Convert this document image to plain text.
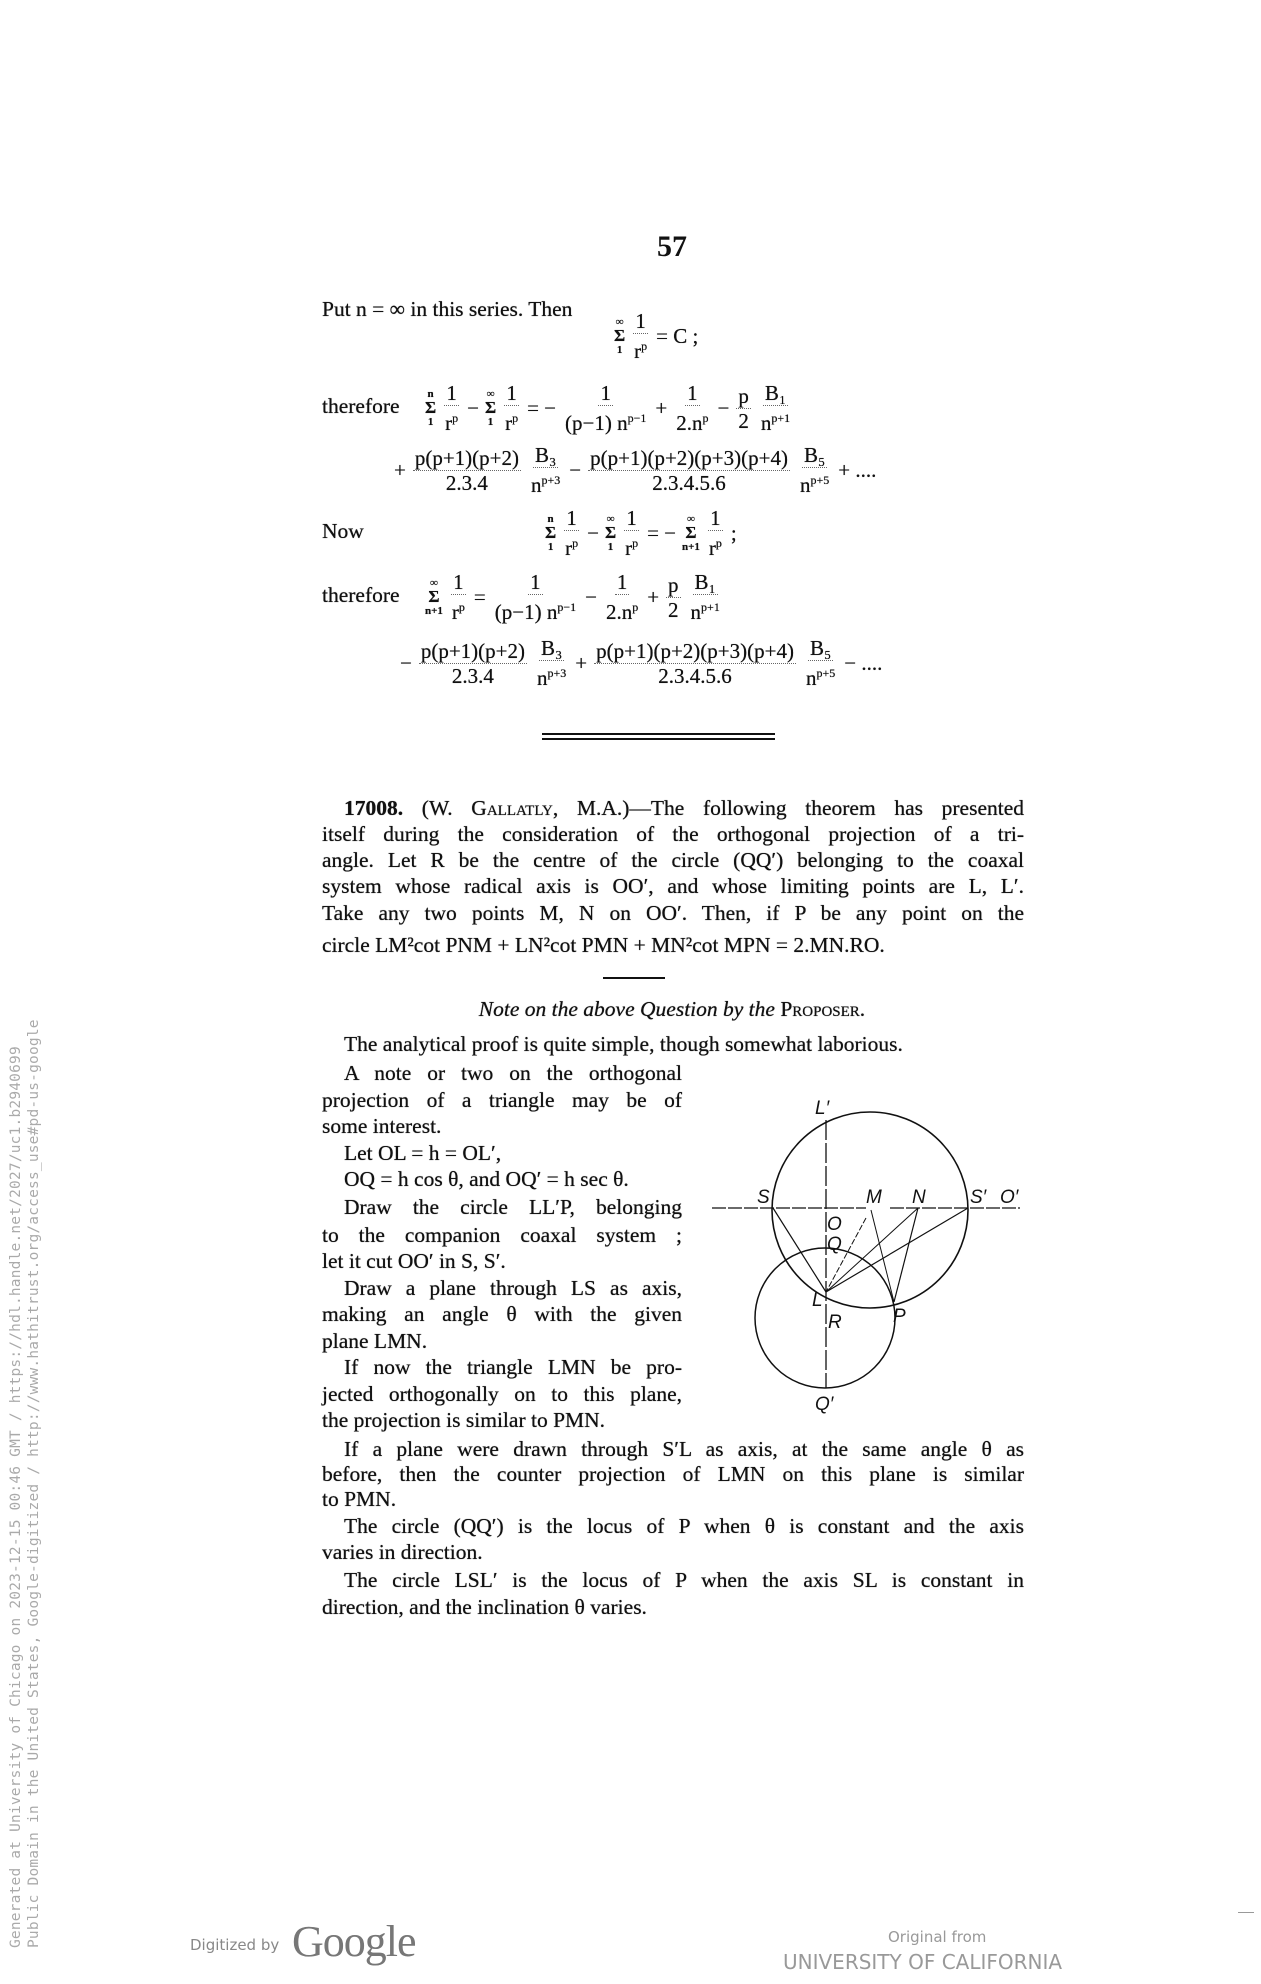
57
Put n = ∞ in this series. Then
∞
Σ
$1 \frac{1}{r^p} = C$ ;
therefore	n
Σ
$1 \frac{1}{r^p}$ −
∞
Σ
$1 \frac{1}{r^p}$ = − $\frac{1}{(p-1) n^{p-1}} + \frac{1}{2.n^p} - \frac{p}{2} \frac{\text{B₁}}{n^{p+1}}$
+ $\frac{p(p+1)(p+2)}{2.3.4} \frac{\text{B₃}}{n^{p+3}} - \frac{p(p+1)(p+2)(p+3)(p+4)}{2.3.4.5.6} \frac{\text{B₅}}{n^{p+5}}$ + ....
Now	n
Σ
$1 \frac{1}{r^p}$ −
∞
Σ
$1 \frac{1}{r^p}$ = −
∞
Σ
$n+1 \frac{1}{r^p}$ ;
therefore	∞
Σ
$n+1 \frac{1}{r^p} = \frac{1}{(p-1) n^{p-1}} - \frac{1}{2.n^p} + \frac{p}{2} \frac{\text{B₁}}{n^{p+1}}$
− $\frac{p(p+1)(p+2)}{2.3.4} \frac{\text{B₃}}{n^{p+3}} + \frac{p(p+1)(p+2)(p+3)(p+4)}{2.3.4.5.6} \frac{\text{B₅}}{n^{p+5}}$ − ....
17008. (W. Gallatly, M.A.)—The following theorem has presented
itself during the consideration of the orthogonal projection of a tri-
angle. Let R be the centre of the circle (QQ′) belonging to the coaxal
system whose radical axis is OO′, and whose limiting points are L, L′.
Take any two points M, N on OO′. Then, if P be any point on the
circle LM²cot PNM + LN²cot PMN + MN²cot MPN = 2.MN.RO.
Note on the above Question by the Proposer.
The analytical proof is quite simple, though somewhat laborious.
A note or two on the orthogonal
projection of a triangle may be of
some interest.
Let OL = h = OL′,
OQ = h cos θ, and OQ′ = h sec θ.
Draw the circle LL′P, belonging
to the companion coaxal system ;
let it cut OO′ in S, S′.
Draw a plane through LS as axis,
making an angle θ with the given
plane LMN.
If now the triangle LMN be pro-
jected orthogonally on to this plane,
the projection is similar to PMN.
If a plane were drawn through S′L as axis, at the same angle θ as
before, then the counter projection of LMN on this plane is similar
to PMN.
The circle (QQ′) is the locus of P when θ is constant and the axis
varies in direction.
The circle LSL′ is the locus of P when the axis SL is constant in
direction, and the inclination θ varies.
L′
S	M N S′ O′
O
Q
L
R	P
Q′
Generated at University of Chicago on 2023-12-15 00:46 GMT / https://hdl.handle.net/2027/uc1.b2940699 Public Domain in the United States, Google-digitized / http://www.hathitrust.org/access_use#pd-us-google	Digitized by Google	Original from
UNIVERSITY OF CALIFORNIA
